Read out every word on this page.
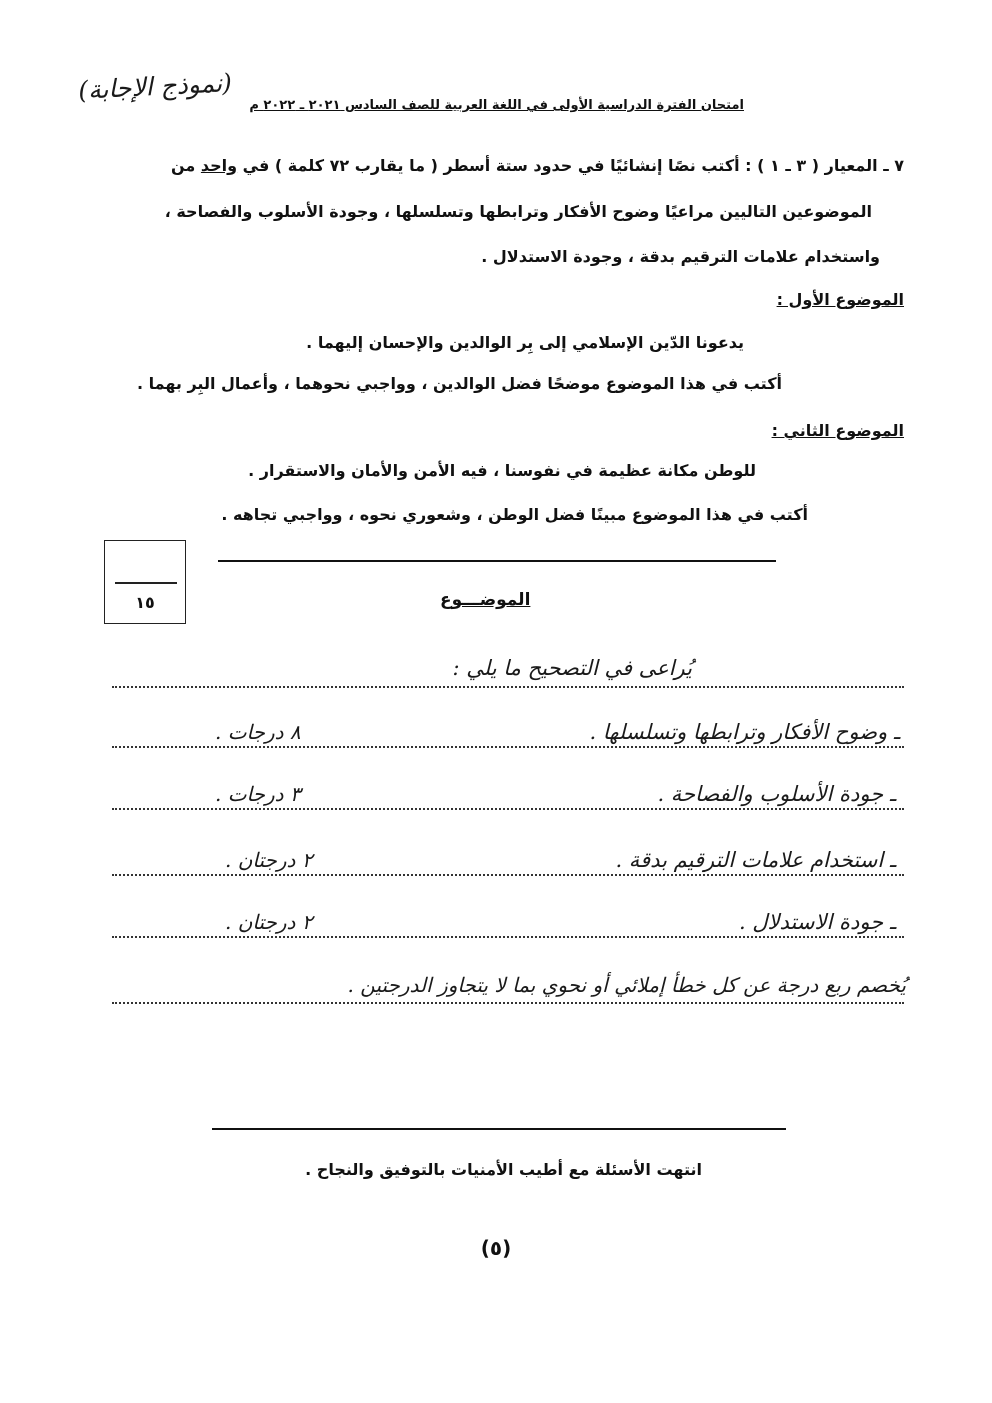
(نموذج الإجابة)
امتحان الفترة الدراسية الأولى في اللغة العربية للصف السادس ٢٠٢١ ـ ٢٠٢٢ م
٧ ـ المعيار ( ٣ ـ ١ ) : أكتب نصًا إنشائيًا في حدود ستة أسطر ( ما يقارب ٧٢ كلمة ) في واحد من
الموضوعين التاليين مراعيًا وضوح الأفكار وترابطها وتسلسلها ، وجودة الأسلوب والفصاحة ،
واستخدام علامات الترقيم بدقة ، وجودة الاستدلال .
الموضوع الأول :
يدعونا الدّين الإسلامي إلى بِر الوالدين والإحسان إليهما .
أكتب في هذا الموضوع موضحًا فضل الوالدين ، وواجبي نحوهما ، وأعمال البِر بهما .
الموضوع الثاني :
للوطن مكانة عظيمة في نفوسنا ، فيه الأمن والأمان والاستقرار .
أكتب في هذا الموضوع مبينًا فضل الوطن ، وشعوري نحوه ، وواجبي تجاهه .
١٥	الموضـــوع
يُراعى في التصحيح ما يلي :
ـ وضوح الأفكار وترابطها وتسلسلها .
٨ درجات .
ـ جودة الأسلوب والفصاحة .
٣ درجات .
ـ استخدام علامات الترقيم بدقة .
٢ درجتان .
ـ جودة الاستدلال .
٢ درجتان .
يُخصم ربع درجة عن كل خطأ إملائي أو نحوي بما لا يتجاوز الدرجتين .
انتهت الأسئلة مع أطيب الأمنيات بالتوفيق والنجاح .
(٥)
